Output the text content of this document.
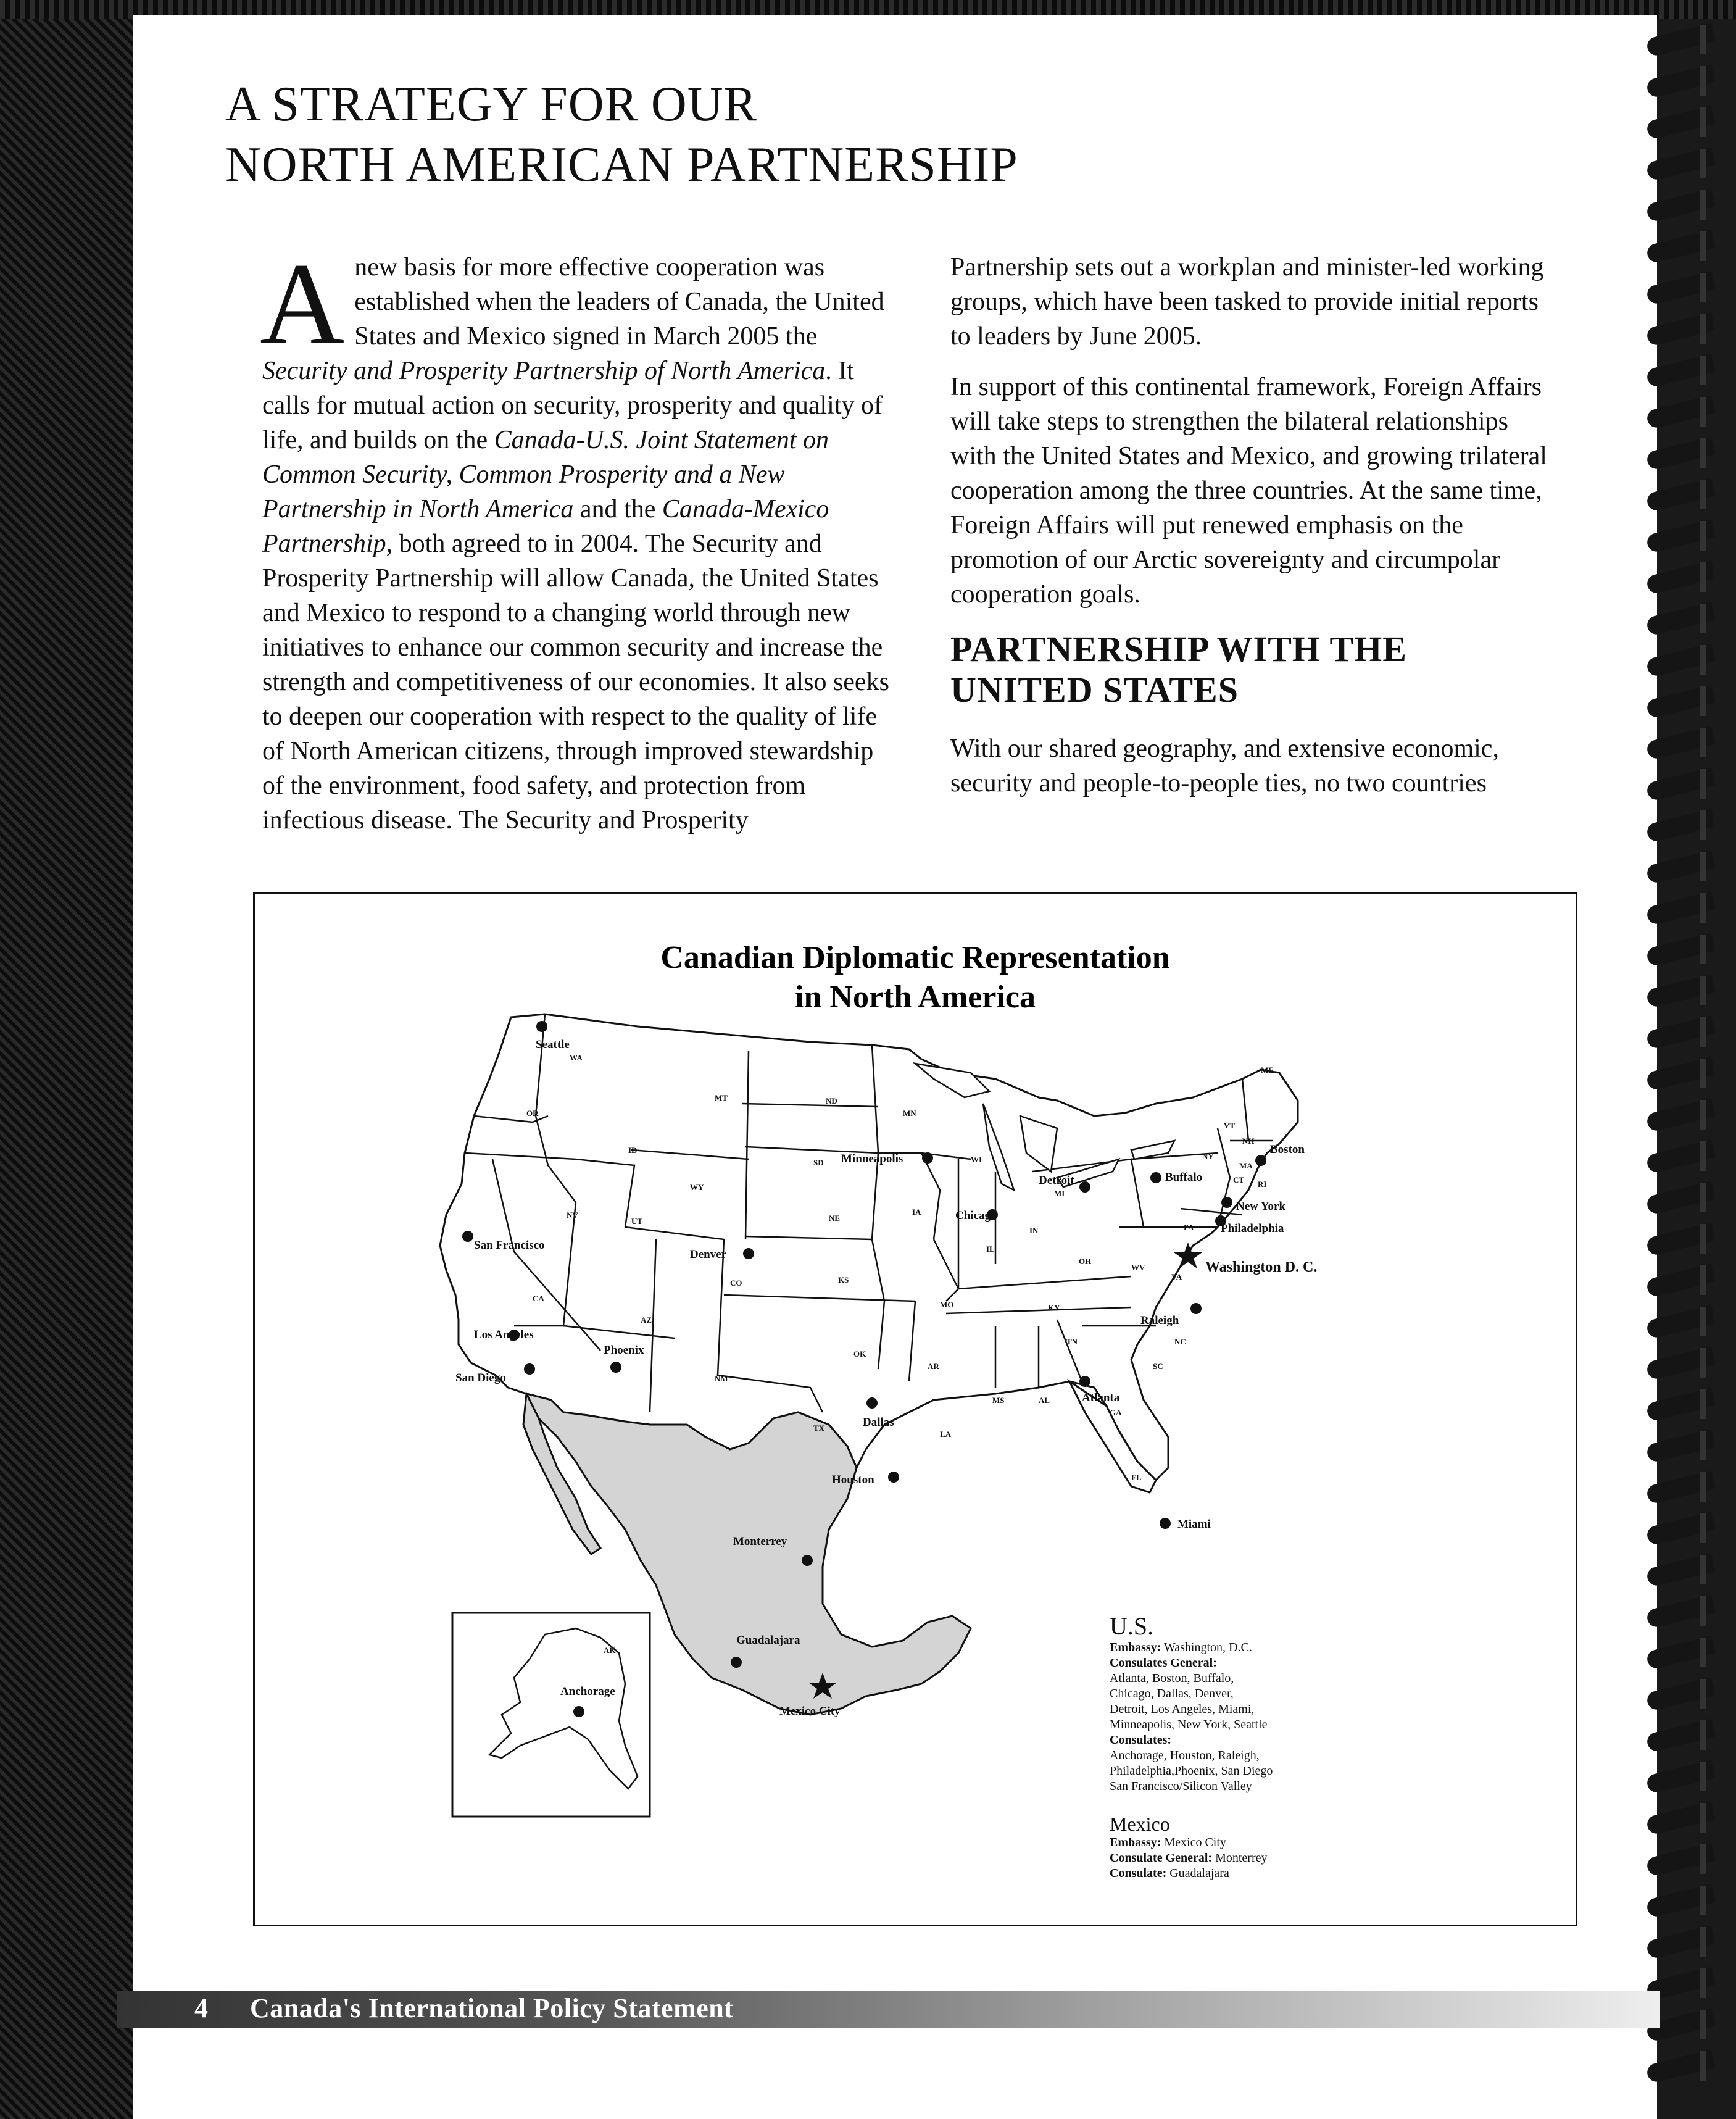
A STRATEGY FOR OUR
NORTH AMERICAN PARTNERSHIP

Anew basis for more effective cooperation was established when the leaders of Canada, the United States and Mexico signed in March 2005 the Security and Prosperity Partnership of North America. It calls for mutual action on security, prosperity and quality of life, and builds on the Canada-U.S. Joint Statement on Common Security, Common Prosperity and a New Partnership in North America and the Canada-Mexico Partnership, both agreed to in 2004. The Security and Prosperity Partnership will allow Canada, the United States and Mexico to respond to a changing world through new initiatives to enhance our common security and increase the strength and competitiveness of our economies. It also seeks to deepen our cooperation with respect to the quality of life of North American citizens, through improved stewardship of the environment, food safety, and protection from infectious disease. The Security and Prosperity

Partnership sets out a workplan and minister-led working groups, which have been tasked to provide initial reports to leaders by June 2005.

In support of this continental framework, Foreign Affairs will take steps to strengthen the bilateral relationships with the United States and Mexico, and growing trilateral cooperation among the three countries. At the same time, Foreign Affairs will put renewed emphasis on the promotion of our Arctic sovereignty and circumpolar cooperation goals.

PARTNERSHIP WITH THE
UNITED STATES

With our shared geography, and extensive economic, security and people-to-people ties, no two countries

Canadian Diplomatic Representation
in North America
WA
OR
ID
MT
WY
NV
UT
CA
AZ
CO
NM
ND
SD
NE
KS
OK
TX
MN
IA
MO
AR
LA
WI
IL
MI
IN
OH
KY
TN
MS	AL
GA
FL
SC
NC
VA
WV
PA
NY
VT
NH
MA
CT RI
ME
AK
Seattle
San Francisco
Los Angeles
San Diego
Phoenix
Denver
Dallas
Houston
Minneapolis
Chicago
Detroit	Buffalo
Boston
New York
Philadelphia
Washington D. C.
Raleigh
Atlanta
Miami
Monterrey
Guadalajara
Mexico City
Anchorage
U.S.
Embassy: Washington, D.C.
Consulates General:
Atlanta, Boston, Buffalo,
Chicago, Dallas, Denver,
Detroit, Los Angeles, Miami,
Minneapolis, New York, Seattle
Consulates:
Anchorage, Houston, Raleigh,
Philadelphia,Phoenix, San Diego
San Francisco/Silicon Valley
Mexico
Embassy: Mexico City
Consulate General: Monterrey
Consulate: Guadalajara
4 Canada's International Policy Statement
